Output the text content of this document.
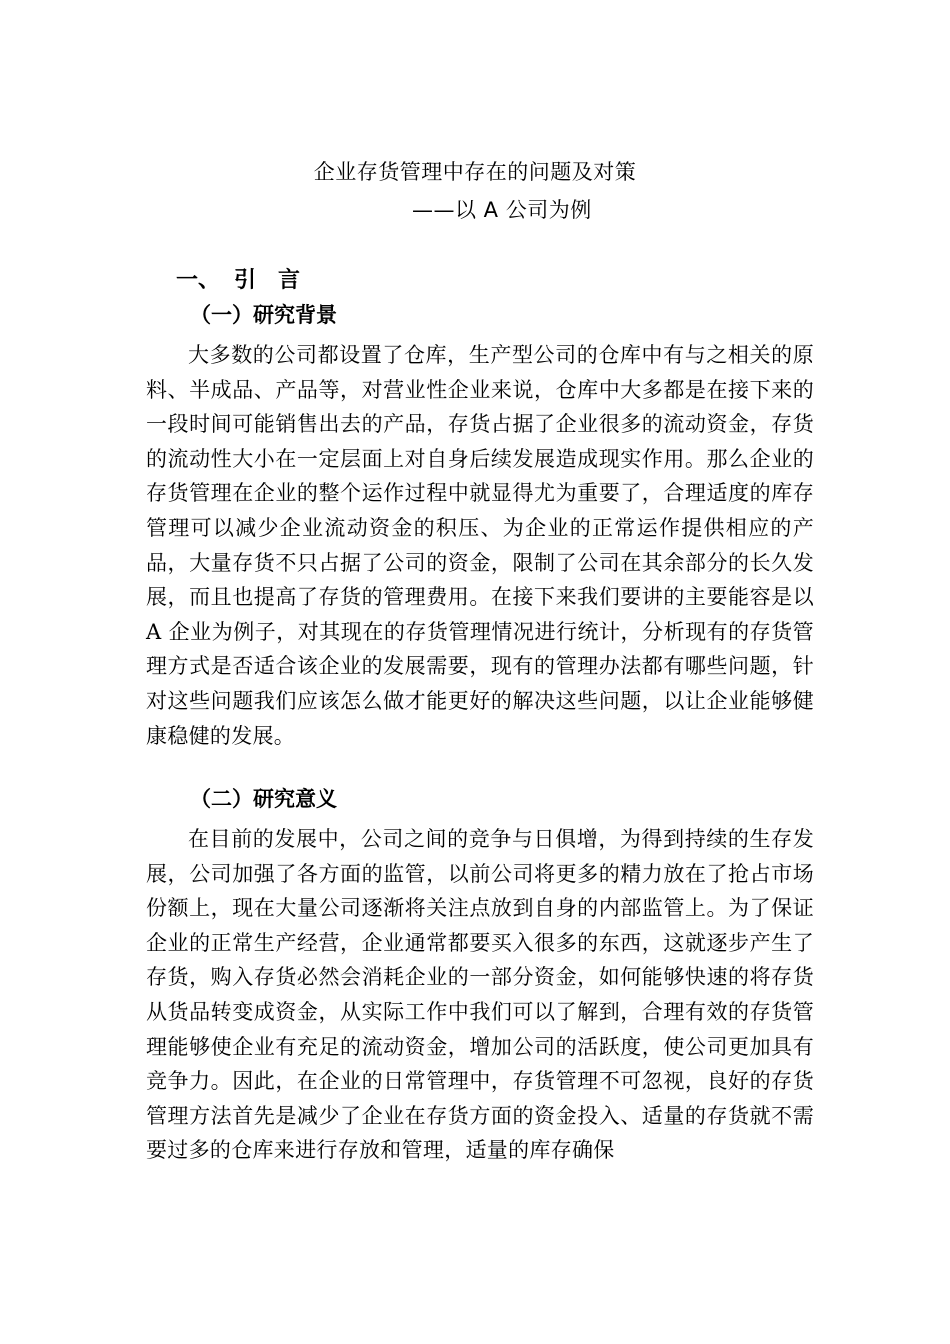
企业存货管理中存在的问题及对策
——以 A 公司为例
一、 引言
（一）研究背景

大多数的公司都设置了仓库，生产型公司的仓库中有与之相关的原料、半成品、产品等，对营业性企业来说，仓库中大多都是在接下来的一段时间可能销售出去的产品，存货占据了企业很多的流动资金，存货的流动性大小在一定层面上对自身后续发展造成现实作用。那么企业的存货管理在企业的整个运作过程中就显得尤为重要了，合理适度的库存管理可以减少企业流动资金的积压、为企业的正常运作提供相应的产品，大量存货不只占据了公司的资金，限制了公司在其余部分的长久发展，而且也提高了存货的管理费用。在接下来我们要讲的主要能容是以 A 企业为例子，对其现在的存货管理情况进行统计，分析现有的存货管理方式是否适合该企业的发展需要，现有的管理办法都有哪些问题，针对这些问题我们应该怎么做才能更好的解决这些问题，以让企业能够健康稳健的发展。

（二）研究意义

在目前的发展中，公司之间的竞争与日俱增，为得到持续的生存发展，公司加强了各方面的监管，以前公司将更多的精力放在了抢占市场份额上，现在大量公司逐渐将关注点放到自身的内部监管上。为了保证企业的正常生产经营，企业通常都要买入很多的东西，这就逐步产生了存货，购入存货必然会消耗企业的一部分资金，如何能够快速的将存货从货品转变成资金，从实际工作中我们可以了解到，合理有效的存货管理能够使企业有充足的流动资金，增加公司的活跃度，使公司更加具有竞争力。因此，在企业的日常管理中，存货管理不可忽视，良好的存货管理方法首先是减少了企业在存货方面的资金投入、适量的存货就不需要过多的仓库来进行存放和管理，适量的库存确保
